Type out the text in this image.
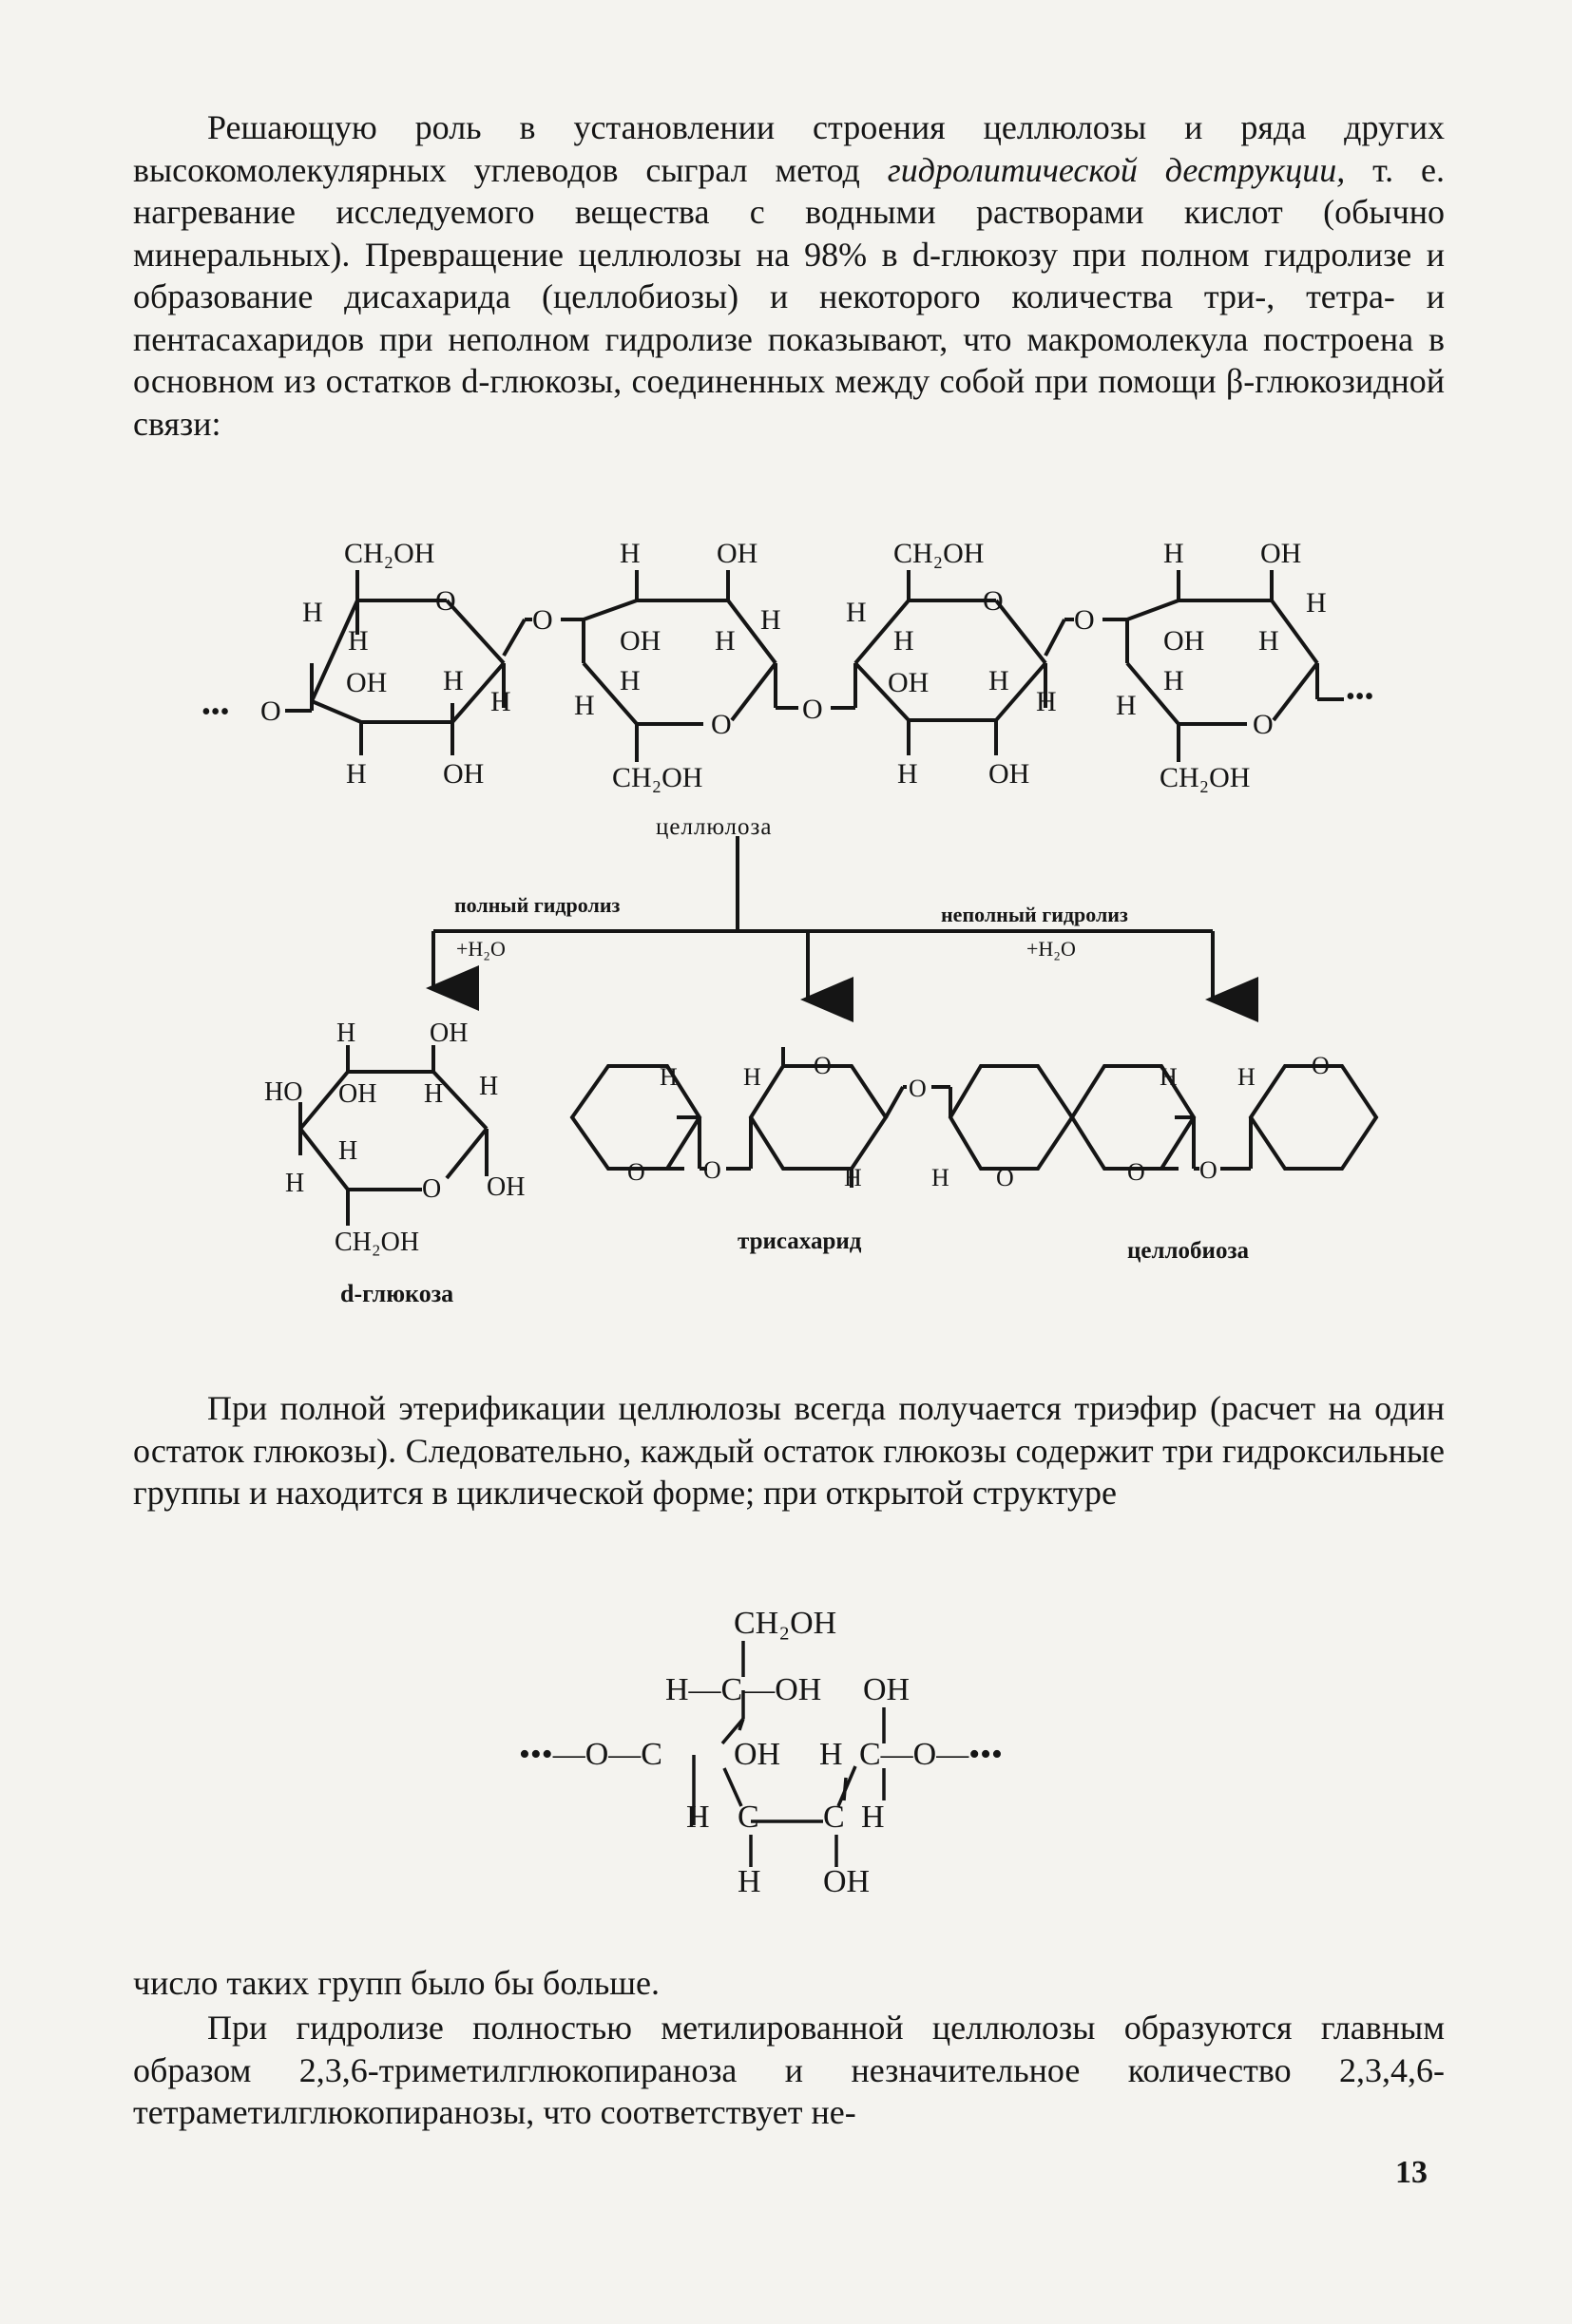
Решающую роль в установлении строения целлюлозы и ряда других высокомолекулярных углеводов сыграл метод гидролитической деструкции, т. е. нагревание исследуемого вещества с водными растворами кислот (обычно минеральных). Превращение целлюлозы на 98% в d-глюкозу при полном гидролизе и образование дисахарида (целлобиозы) и некоторого количества три-, тетра- и пентасахаридов при неполном гидролизе показывают, что макромолекула построена в основном из остатков d-глюкозы, соединенных между собой при помощи β-глюкозидной связи:

••• O
CH₂OH
O
H
H
OH H
H
H	OH
O
H	OH
H
OH H
H
H
O
CH₂OH
O
CH₂OH
O
H
H
OH H
H
H OH
O
H	OH
H
OH H
H
H
O
CH₂OH
•••
целлюлоза
полный гидролиз
+H₂O
неполный гидролиз
+H₂O
H	OH
HO OH H H
H
H	O OH
CH₂OH
d-глюкоза
O
H
O
H O
H
O
H O
трисахарид
O
H
O
H O
целлобиоза

При полной этерификации целлюлозы всегда получается триэфир (расчет на один остаток глюкозы). Следовательно, каждый остаток глюкозы содержит три гидроксильные группы и находится в циклической форме; при открытой структуре

CH₂OH
H—C—OH OH
•••—O—C OH H C—O—•••
H C C H
H OH

число таких групп было бы больше.

При гидролизе полностью метилированной целлюлозы образуются главным образом 2,3,6-триметилглюкопираноза и незначительное количество 2,3,4,6-тетраметилглюкопиранозы, что соответствует не-

13
